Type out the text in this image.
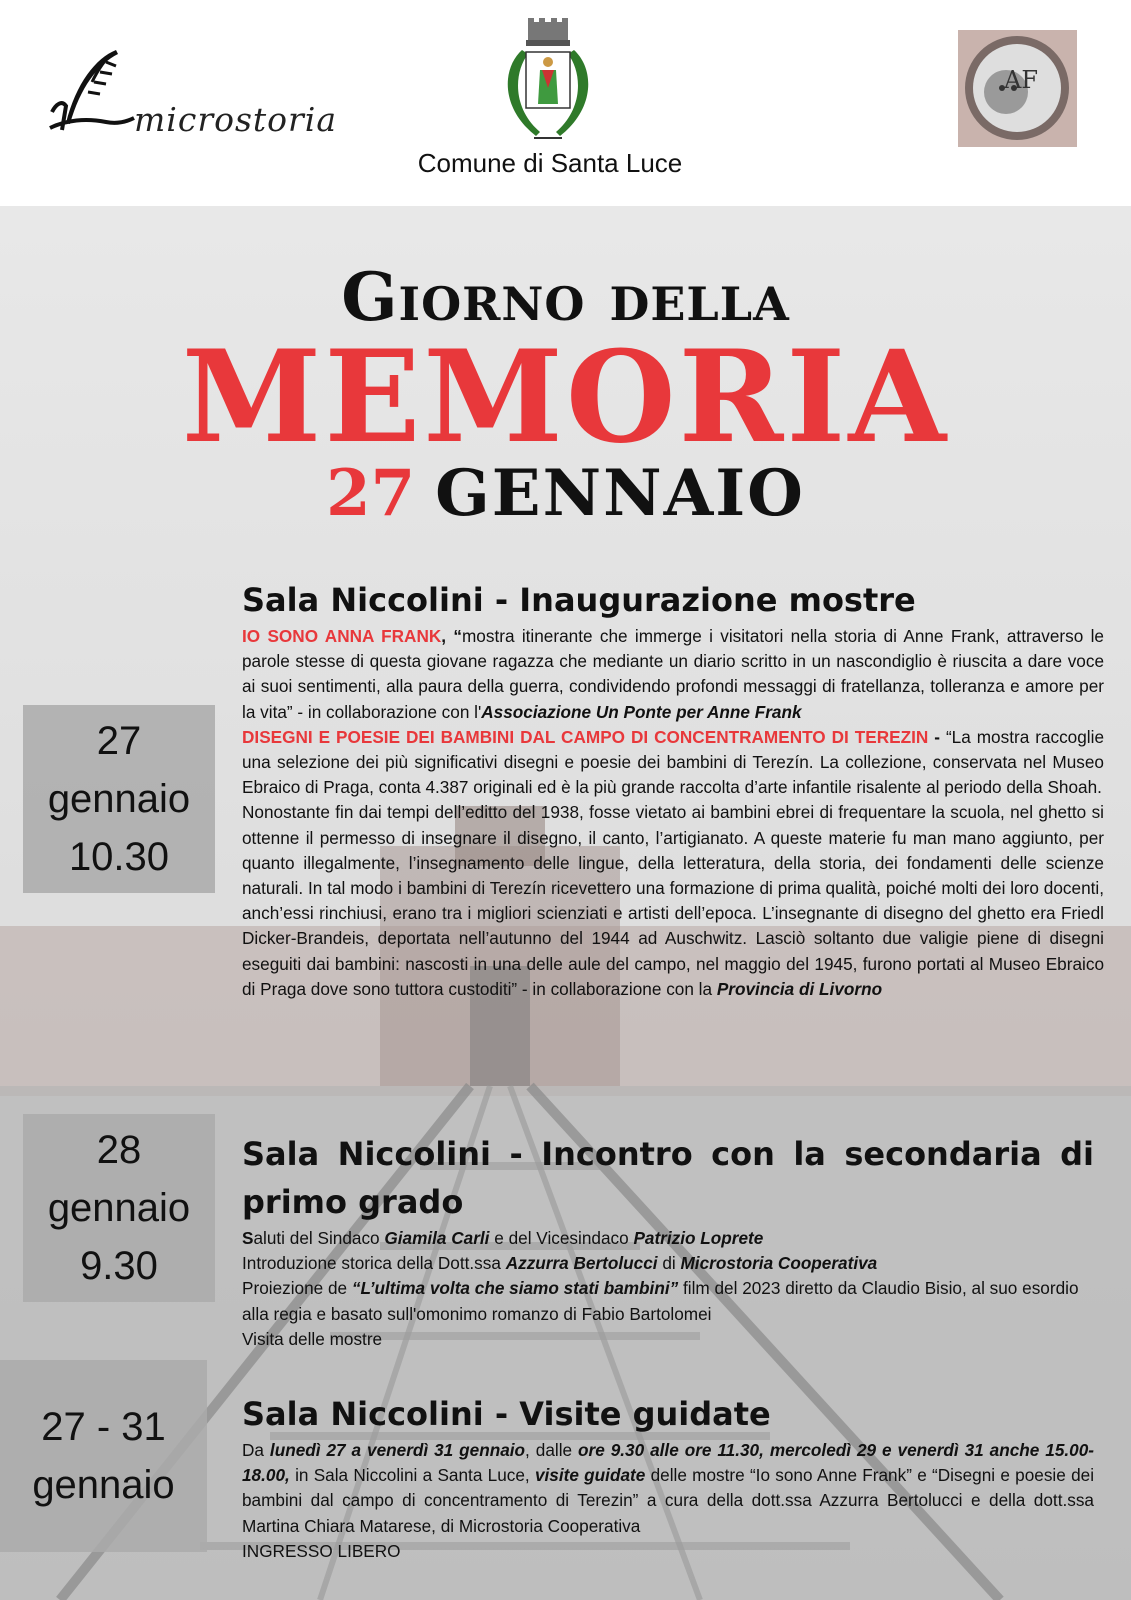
microstoria
Comune di Santa Luce
AF
Giorno della
MEMORIA
27 GENNAIO
27
gennaio
10.30
Sala Niccolini - Inaugurazione mostre

IO SONO ANNA FRANK, “mostra itinerante che immerge i visitatori nella storia di Anne Frank, attraverso le parole stesse di questa giovane ragazza che mediante un diario scritto in un nascondiglio è riuscita a dare voce ai suoi sentimenti, alla paura della guerra, condividendo profondi messaggi di fratellanza, tolleranza e amore per la vita” - in collaborazione con l'Associazione Un Ponte per Anne Frank

DISEGNI E POESIE DEI BAMBINI DAL CAMPO DI CONCENTRAMENTO DI TEREZIN - “La mostra raccoglie una selezione dei più significativi disegni e poesie dei bambini di Terezín. La collezione, conservata nel Museo Ebraico di Praga, conta 4.387 originali ed è la più grande raccolta d’arte infantile risalente al periodo della Shoah.

Nonostante fin dai tempi dell’editto del 1938, fosse vietato ai bambini ebrei di frequentare la scuola, nel ghetto si ottenne il permesso di insegnare il disegno, il canto, l’artigianato. A queste materie fu man mano aggiunto, per quanto illegalmente, l’insegnamento delle lingue, della letteratura, della storia, dei fondamenti delle scienze naturali. In tal modo i bambini di Terezín ricevettero una formazione di prima qualità, poiché molti dei loro docenti, anch’essi rinchiusi, erano tra i migliori scienziati e artisti dell’epoca. L’insegnante di disegno del ghetto era Friedl Dicker-Brandeis, deportata nell’autunno del 1944 ad Auschwitz. Lasciò soltanto due valigie piene di disegni eseguiti dai bambini: nascosti in una delle aule del campo, nel maggio del 1945, furono portati al Museo Ebraico di Praga dove sono tuttora custoditi” - in collaborazione con la Provincia di Livorno

28
gennaio
9.30
Sala Niccolini - Incontro con la secondaria di primo grado

Saluti del Sindaco Giamila Carli e del Vicesindaco Patrizio Loprete

Introduzione storica della Dott.ssa Azzurra Bertolucci di Microstoria Cooperativa

Proiezione de “L’ultima volta che siamo stati bambini” film del 2023 diretto da Claudio Bisio, al suo esordio alla regia e basato sull'omonimo romanzo di Fabio Bartolomei

Visita delle mostre

27 - 31
gennaio
Sala Niccolini - Visite guidate

Da lunedì 27 a venerdì 31 gennaio, dalle ore 9.30 alle ore 11.30, mercoledì 29 e venerdì 31 anche 15.00-18.00, in Sala Niccolini a Santa Luce, visite guidate delle mostre “Io sono Anne Frank” e “Disegni e poesie dei bambini dal campo di concentramento di Terezin” a cura della dott.ssa Azzurra Bertolucci e della dott.ssa Martina Chiara Matarese, di Microstoria Cooperativa

INGRESSO LIBERO
